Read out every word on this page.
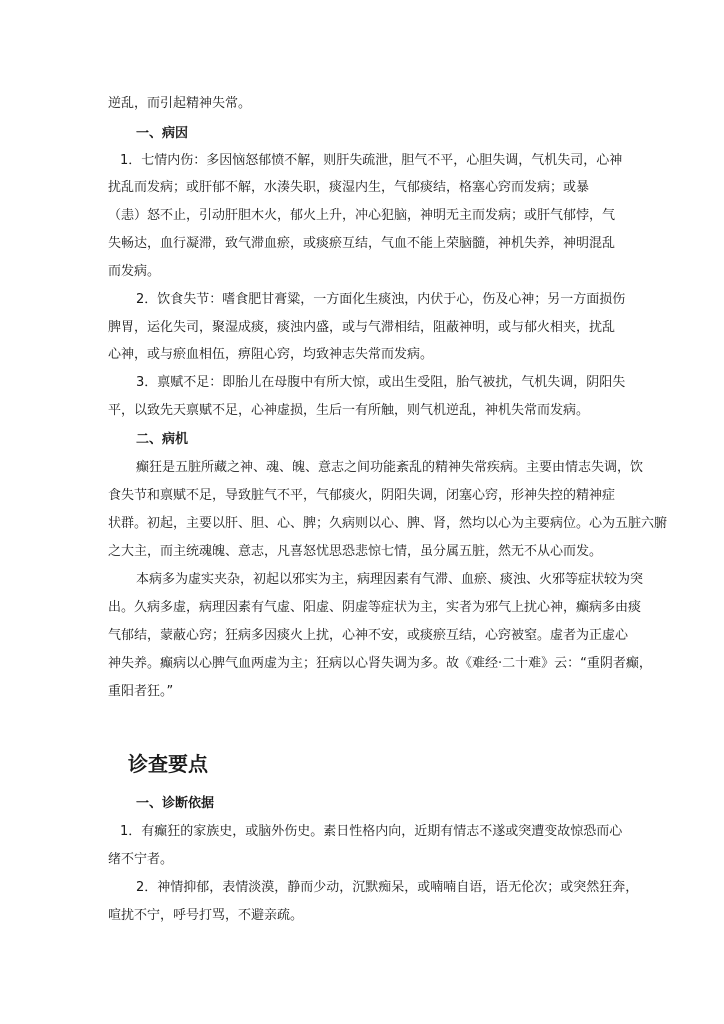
逆乱，而引起精神失常。
一、病因
1．七情内伤：多因恼怒郁愤不解，则肝失疏泄，胆气不平，心胆失调，气机失司，心神
扰乱而发病；或肝郁不解，水湊失职，痰湿内生，气郁痰结，格塞心窍而发病；或暴
（恚）怒不止，引动肝胆木火，郁火上升，冲心犯脑，神明无主而发病；或肝气郁悖，气
失畅达，血行凝滞，致气滞血瘀，或痰瘀互结，气血不能上荣脑髓，神机失养，神明混乱
而发病。
2．饮食失节：嗜食肥甘膏粱，一方面化生痰浊，内伏于心，伤及心神；另一方面损伤
脾胃，运化失司，聚湿成痰，痰浊内盛，或与气滞相结，阻蔽神明，或与郁火相夹，扰乱
心神，或与瘀血相伍，痹阻心窍，均致神志失常而发病。
3．禀赋不足：即胎儿在母腹中有所大惊，或出生受阻，胎气被扰，气机失调，阴阳失
平，以致先天禀赋不足，心神虚损，生后一有所触，则气机逆乱，神机失常而发病。
二、病机
癫狂是五脏所藏之神、魂、魄、意志之间功能紊乱的精神失常疾病。主要由情志失调，饮
食失节和禀赋不足，导致脏气不平，气郁痰火，阴阳失调，闭塞心窍，形神失控的精神症
状群。初起，主要以肝、胆、心、脾；久病则以心、脾、肾，然均以心为主要病位。心为五脏六腑
之大主，而主统魂魄、意志，凡喜怒忧思恐悲惊七情，虽分属五脏，然无不从心而发。
本病多为虚实夹杂，初起以邪实为主，病理因素有气滞、血瘀、痰浊、火邪等症状较为突
出。久病多虚，病理因素有气虚、阳虚、阴虚等症状为主，实者为邪气上扰心神，癫病多由痰
气郁结，蒙蔽心窍；狂病多因痰火上扰，心神不安，或痰瘀互结，心窍被窒。虚者为正虚心
神失养。癫病以心脾气血两虚为主；狂病以心肾失调为多。故《难经·二十难》云：“重阴者癫，
重阳者狂。”
诊查要点
一、诊断依据
1．有癫狂的家族史，或脑外伤史。素日性格内向，近期有情志不遂或突遭变故惊恐而心
绪不宁者。
2．神情抑郁，表情淡漠，静而少动，沉默痴呆，或喃喃自语，语无伦次；或突然狂奔，
喧扰不宁，呼号打骂，不避亲疏。
